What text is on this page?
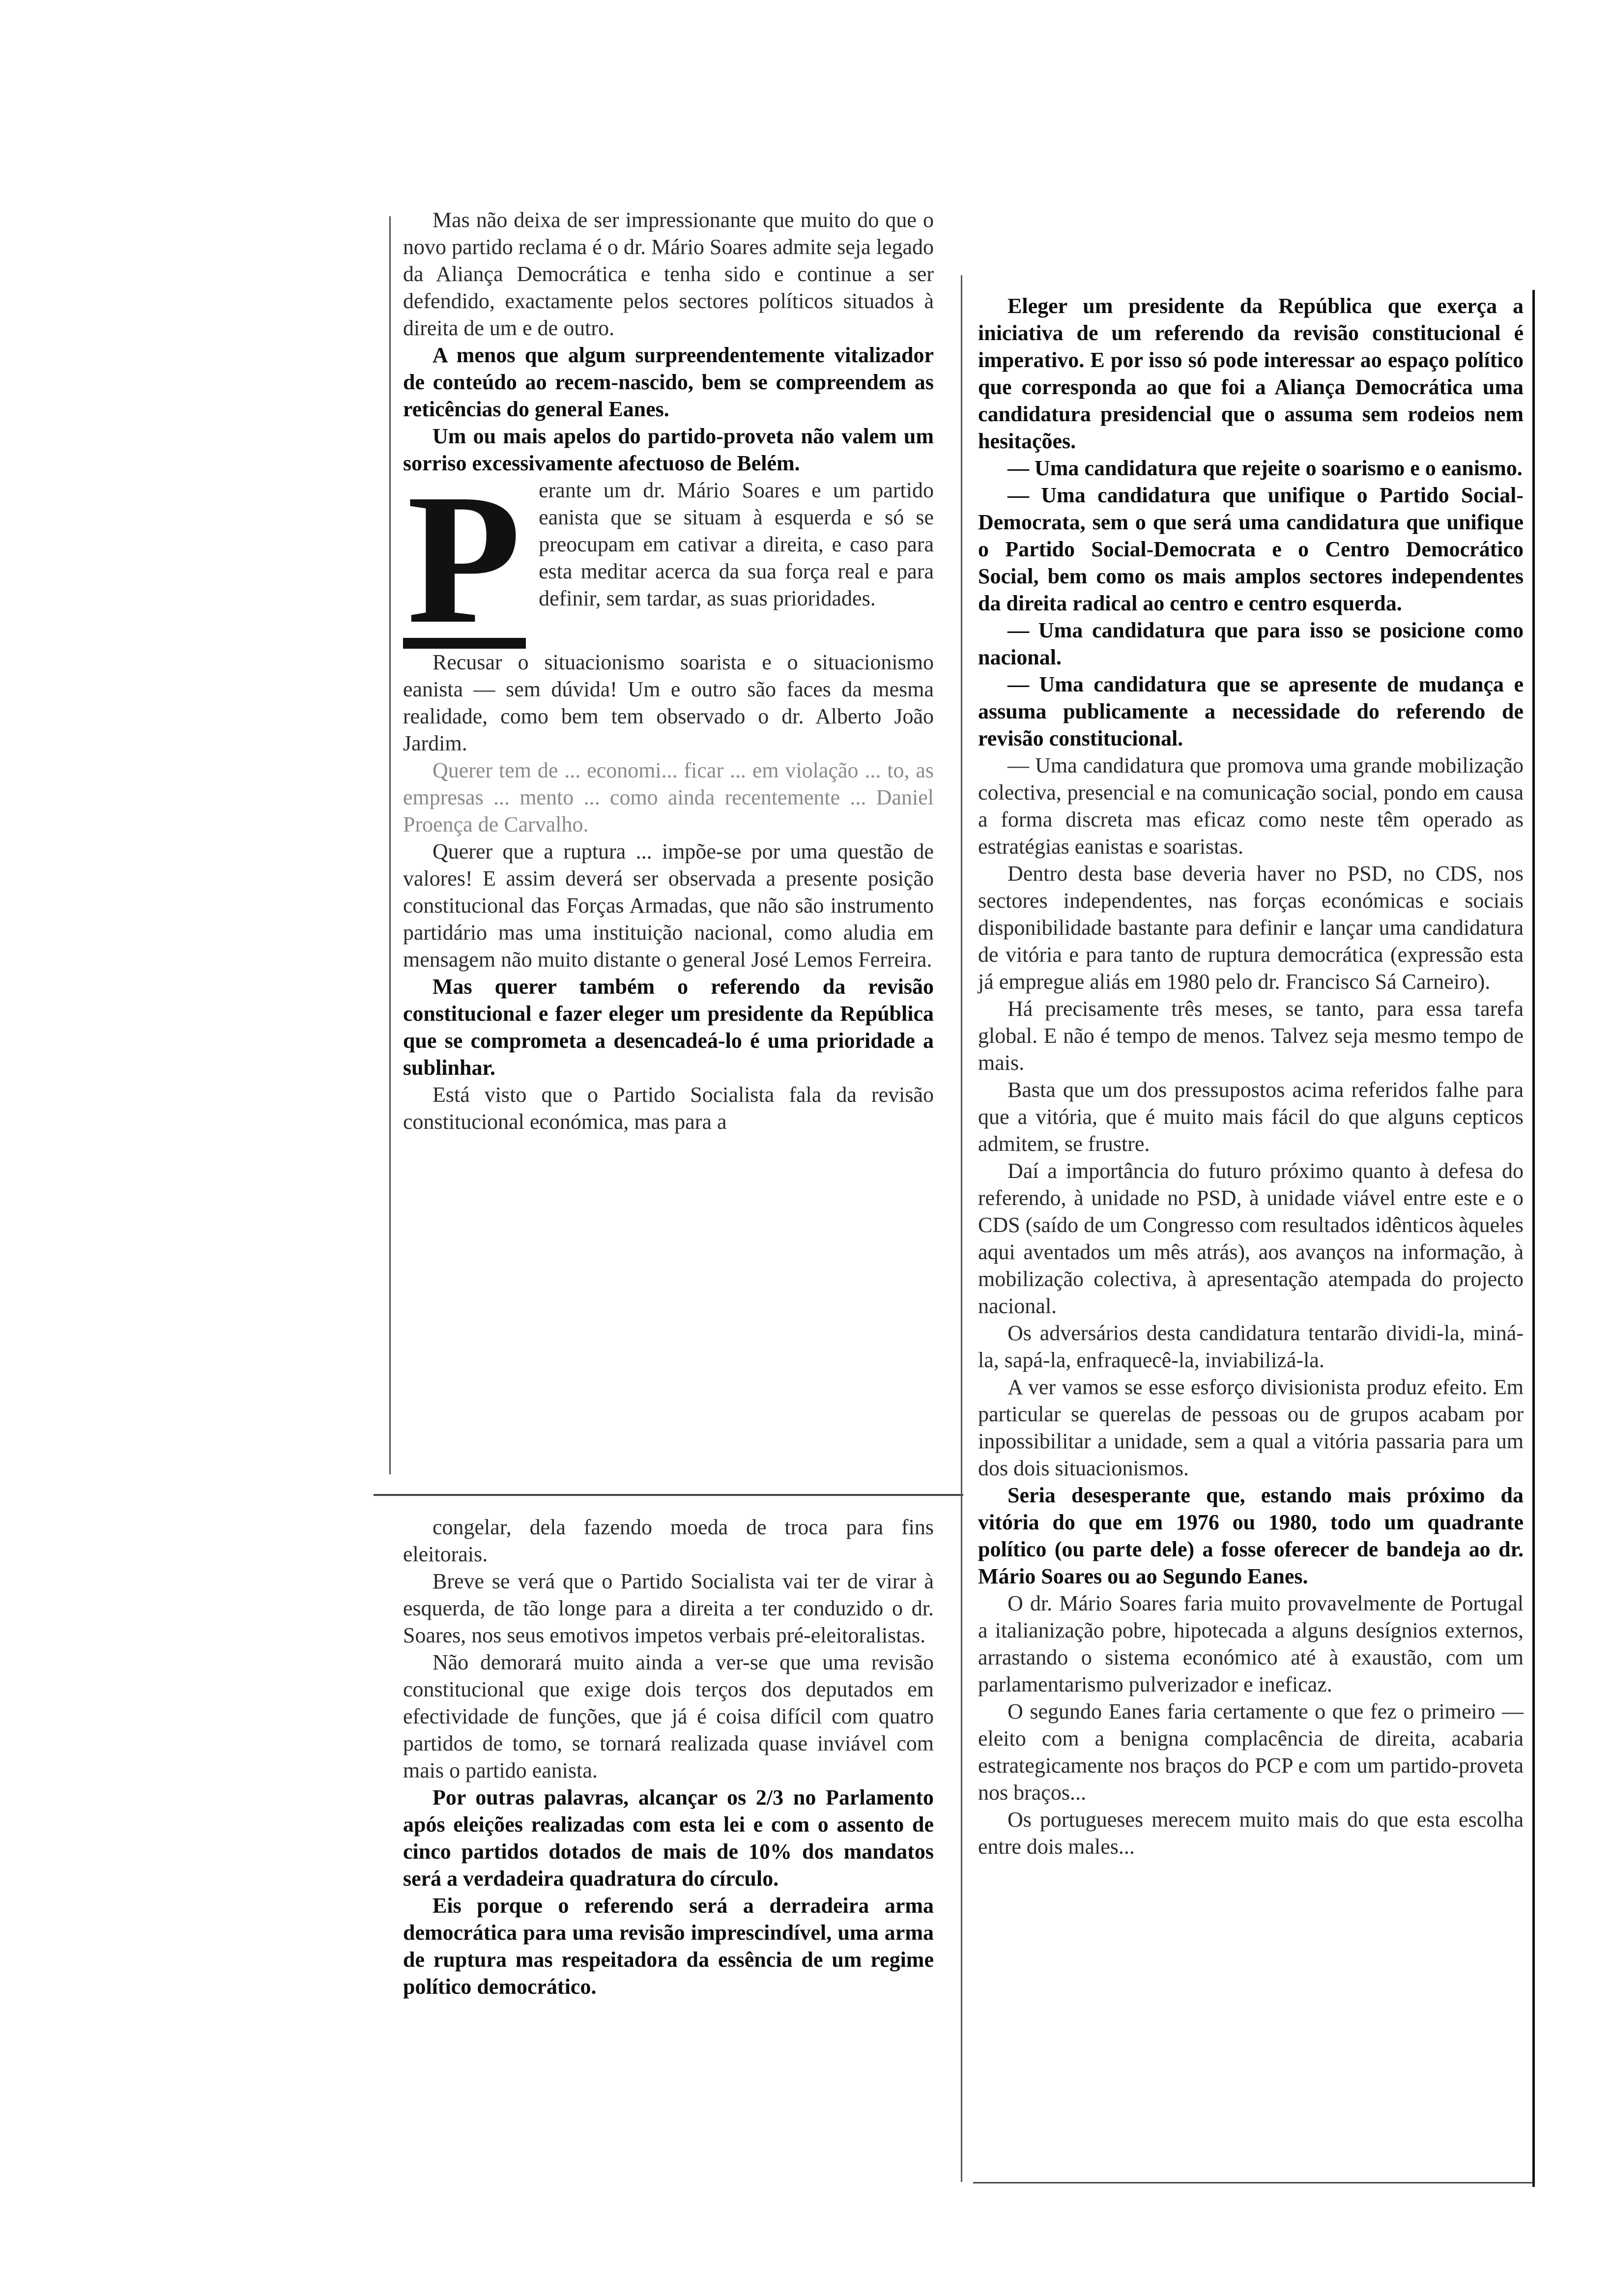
Mas não deixa de ser impressionante que muito do que o novo partido reclama é o dr. Mário Soares admite seja legado da Aliança Democrática e tenha sido e continue a ser defendido, exactamente pelos sectores políticos situados à direita de um e de outro.

A menos que algum surpreendentemente vitalizador de conteúdo ao recem-nascido, bem se compreendem as reticências do general Eanes.

Um ou mais apelos do partido-proveta não valem um sorriso excessivamente afectuoso de Belém.

P erante um dr. Mário Soares e um partido eanista que se situam à esquerda e só se preocupam em cativar a direita, e caso para esta meditar acerca da sua força real e para definir, sem tardar, as suas prioridades.

Recusar o situacionismo soarista e o situacionismo eanista — sem dúvida! Um e outro são faces da mesma realidade, como bem tem observado o dr. Alberto João Jardim.

Querer tem de ... economi... ficar ... em violação ... to, as empresas ... mento ... como ainda recentemente ... Daniel Proença de Carvalho.

Querer que a ruptura ... impõe-se por uma questão de valores! E assim deverá ser observada a presente posição constitucional das Forças Armadas, que não são instrumento partidário mas uma instituição nacional, como aludia em mensagem não muito distante o general José Lemos Ferreira.

Mas querer também o referendo da revisão constitucional e fazer eleger um presidente da República que se comprometa a desencadeá-lo é uma prioridade a sublinhar.

Está visto que o Partido Socialista fala da revisão constitucional económica, mas para a

congelar, dela fazendo moeda de troca para fins eleitorais.

Breve se verá que o Partido Socialista vai ter de virar à esquerda, de tão longe para a direita a ter conduzido o dr. Soares, nos seus emotivos impetos verbais pré-eleitoralistas.

Não demorará muito ainda a ver-se que uma revisão constitucional que exige dois terços dos deputados em efectividade de funções, que já é coisa difícil com quatro partidos de tomo, se tornará realizada quase inviável com mais o partido eanista.

Por outras palavras, alcançar os 2/3 no Parlamento após eleições realizadas com esta lei e com o assento de cinco partidos dotados de mais de 10% dos mandatos será a verdadeira quadratura do círculo.

Eis porque o referendo será a derradeira arma democrática para uma revisão imprescindível, uma arma de ruptura mas respeitadora da essência de um regime político democrático.

Eleger um presidente da República que exerça a iniciativa de um referendo da revisão constitucional é imperativo. E por isso só pode interessar ao espaço político que corresponda ao que foi a Aliança Democrática uma candidatura presidencial que o assuma sem rodeios nem hesitações.

— Uma candidatura que rejeite o soarismo e o eanismo.

— Uma candidatura que unifique o Partido Social-Democrata, sem o que será uma candidatura que unifique o Partido Social-Democrata e o Centro Democrático Social, bem como os mais amplos sectores independentes da direita radical ao centro e centro esquerda.

— Uma candidatura que para isso se posicione como nacional.

— Uma candidatura que se apresente de mudança e assuma publicamente a necessidade do referendo de revisão constitucional.

— Uma candidatura que promova uma grande mobilização colectiva, presencial e na comunicação social, pondo em causa a forma discreta mas eficaz como neste têm operado as estratégias eanistas e soaristas.

Dentro desta base deveria haver no PSD, no CDS, nos sectores independentes, nas forças económicas e sociais disponibilidade bastante para definir e lançar uma candidatura de vitória e para tanto de ruptura democrática (expressão esta já empregue aliás em 1980 pelo dr. Francisco Sá Carneiro).

Há precisamente três meses, se tanto, para essa tarefa global. E não é tempo de menos. Talvez seja mesmo tempo de mais.

Basta que um dos pressupostos acima referidos falhe para que a vitória, que é muito mais fácil do que alguns cepticos admitem, se frustre.

Daí a importância do futuro próximo quanto à defesa do referendo, à unidade no PSD, à unidade viável entre este e o CDS (saído de um Congresso com resultados idênticos àqueles aqui aventados um mês atrás), aos avanços na informação, à mobilização colectiva, à apresentação atempada do projecto nacional.

Os adversários desta candidatura tentarão dividi-la, miná-la, sapá-la, enfraquecê-la, inviabilizá-la.

A ver vamos se esse esforço divisionista produz efeito. Em particular se querelas de pessoas ou de grupos acabam por inpossibilitar a unidade, sem a qual a vitória passaria para um dos dois situacionismos.

Seria desesperante que, estando mais próximo da vitória do que em 1976 ou 1980, todo um quadrante político (ou parte dele) a fosse oferecer de bandeja ao dr. Mário Soares ou ao Segundo Eanes.

O dr. Mário Soares faria muito provavelmente de Portugal a italianização pobre, hipotecada a alguns desígnios externos, arrastando o sistema económico até à exaustão, com um parlamentarismo pulverizador e ineficaz.

O segundo Eanes faria certamente o que fez o primeiro — eleito com a benigna complacência de direita, acabaria estrategicamente nos braços do PCP e com um partido-proveta nos braços...

Os portugueses merecem muito mais do que esta escolha entre dois males...
